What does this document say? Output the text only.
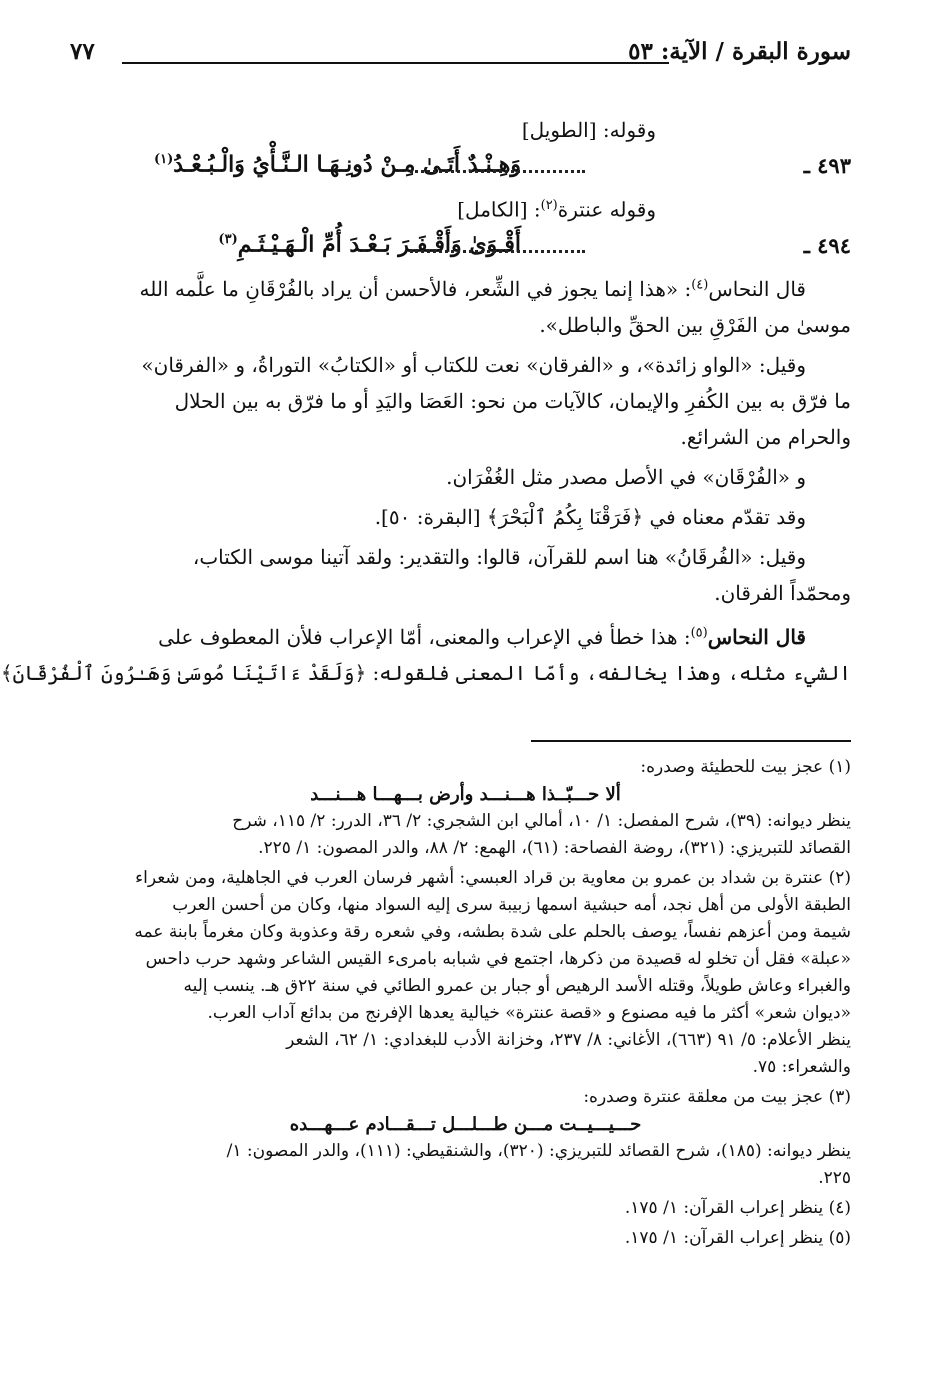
سورة البقرة / الآية: ٥٣
٧٧
وقوله: [الطويل]
٤٩٣ ـ
وَهِـنْـدٌ أَتَـىٰ مِـنْ دُونِـهَـا الـنَّـأْيُ وَالْـبُـعْـدُ$^{(١)}$
وقوله عنترة$^{(٢)}$: [الكامل]
٤٩٤ ـ
أَقْـوَىٰ وَأَقْـفَـرَ بَـعْـدَ أُمِّ الْـهَـيْـثَـمِ$^{(٣)}$

قال النحاس$^{(٤)}$: «هذا إنما يجوز في الشِّعر، فالأحسن أن يراد بالفُرْقَانِ ما علَّمه الله
موسىٰ من الفَرْقِ بين الحقِّ والباطل».

وقيل: «الواو زائدة»، و «الفرقان» نعت للكتاب أو «الكتابُ» التوراةُ، و «الفرقان»
ما فرّق به بين الكُفرِ والإيمان، كالآيات من نحو: العَصَا واليَدِ أو ما فرّق به بين الحلال
والحرام من الشرائع.

و «الفُرْقَان» في الأصل مصدر مثل الغُفْرَان.

وقد تقدّم معناه في ﴿فَرَقْنَا بِكُمُ ٱلْبَحْرَ﴾ [البقرة: ٥٠].

وقيل: «الفُرقَانُ» هنا اسم للقرآن، قالوا: والتقدير: ولقد آتينا موسى الكتاب،
ومحمّداً الفرقان.

قال النحاس$^{(٥)}$: هذا خطأ في الإعراب والمعنى، أمّا الإعراب فلأن المعطوف على
الشيء مثله، وهذا يخالفه، وأمّا المعنى فلقوله: ﴿وَلَقَدْ ءَاتَيْنَا مُوسَىٰ وَهَـٰرُونَ ٱلْفُرْقَانَ﴾

(١) عجز بيت للحطيئة وصدره:
ألا حـــبّــذا هـــنـــد وأرض بـــهـــا هـــنـــد
ينظر ديوانه: (٣٩)، شرح المفصل: ١/ ١٠، أمالي ابن الشجري: ٢/ ٣٦، الدرر: ٢/ ١١٥، شرح
القصائد للتبريزي: (٣٢١)، روضة الفصاحة: (٦١)، الهمع: ٢/ ٨٨، والدر المصون: ١/ ٢٢٥.
(٢) عنترة بن شداد بن عمرو بن معاوية بن قراد العبسي: أشهر فرسان العرب في الجاهلية، ومن شعراء
الطبقة الأولى من أهل نجد، أمه حبشية اسمها زبيبة سرى إليه السواد منها، وكان من أحسن العرب
شيمة ومن أعزهم نفساً، يوصف بالحلم على شدة بطشه، وفي شعره رقة وعذوبة وكان مغرماً بابنة عمه
«عبلة» فقل أن تخلو له قصيدة من ذكرها، اجتمع في شبابه بامرىء القيس الشاعر وشهد حرب داحس
والغبراء وعاش طويلاً، وقتله الأسد الرهيص أو جبار بن عمرو الطائي في سنة ٢٢ق هـ. ينسب إليه
«ديوان شعر» أكثر ما فيه مصنوع و «قصة عنترة» خيالية يعدها الإفرنج من بدائع آداب العرب.
ينظر الأعلام: ٥/ ٩١ (٦٦٣)، الأغاني: ٨/ ٢٣٧، وخزانة الأدب للبغدادي: ١/ ٦٢، الشعر
والشعراء: ٧٥.
(٣) عجز بيت من معلقة عنترة وصدره:
حـــيـــيــت مـــن طـــلـــل تـــقـــادم عـــهـــده
ينظر ديوانه: (١٨٥)، شرح القصائد للتبريزي: (٣٢٠)، والشنقيطي: (١١١)، والدر المصون: ١/
٢٢٥.
(٤) ينظر إعراب القرآن: ١/ ١٧٥.
(٥) ينظر إعراب القرآن: ١/ ١٧٥.
